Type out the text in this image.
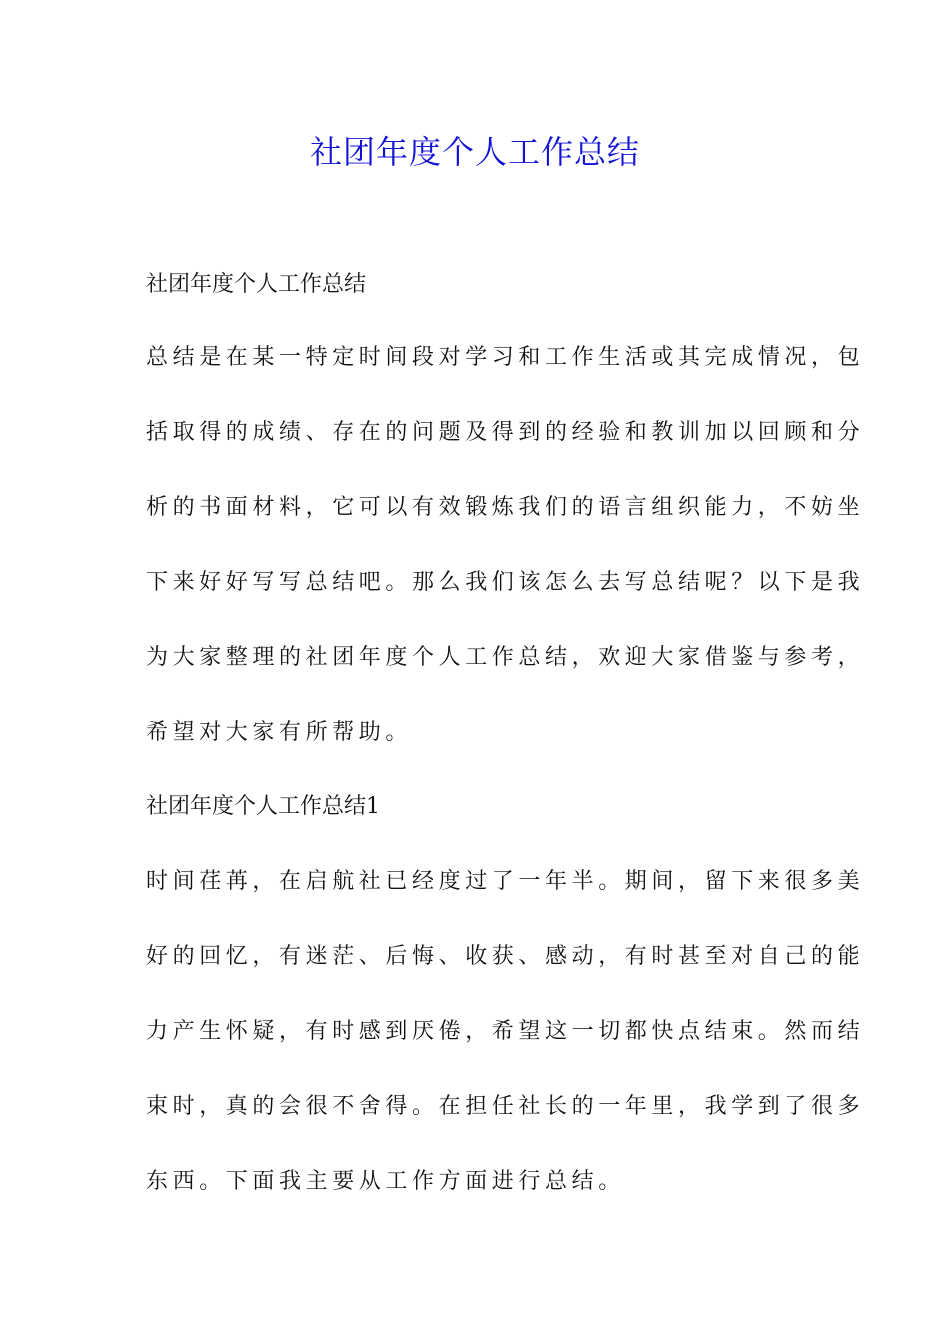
社团年度个人工作总结

社团年度个人工作总结

总结是在某一特定时间段对学习和工作生活或其完成情况，包

括取得的成绩、存在的问题及得到的经验和教训加以回顾和分

析的书面材料，它可以有效锻炼我们的语言组织能力，不妨坐

下来好好写写总结吧。那么我们该怎么去写总结呢？以下是我

为大家整理的社团年度个人工作总结，欢迎大家借鉴与参考，

希望对大家有所帮助。

社团年度个人工作总结1

时间荏苒，在启航社已经度过了一年半。期间，留下来很多美

好的回忆，有迷茫、后悔、收获、感动，有时甚至对自己的能

力产生怀疑，有时感到厌倦，希望这一切都快点结束。然而结

束时，真的会很不舍得。在担任社长的一年里，我学到了很多

东西。下面我主要从工作方面进行总结。
